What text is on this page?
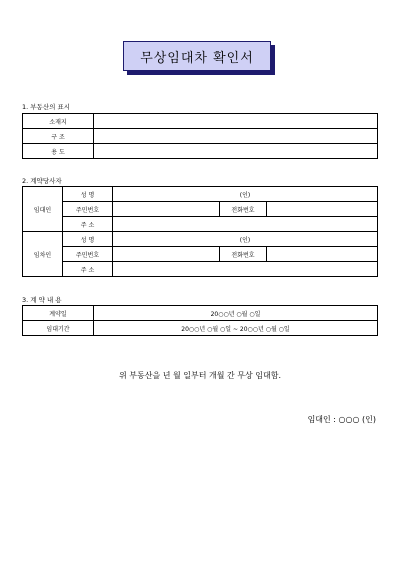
무상임대차 확인서
1. 부동산의 표시
소재지	
구 조	
용 도	
2. 계약당사자
임대인	성 명	(인)		
	주민번호		전화번호	
	주 소			
임차인	성 명	(인)		
	주민번호		전화번호	
	주 소			
3. 계 약 내 용
계약일	20○○년 ○월 ○일
임대기간	20○○년 ○월 ○일 ~ 20○○년 ○월 ○일
위 부동산을 년 월 일부터 개월 간 무상 임대함.
임대인 : ○○○ (인)
